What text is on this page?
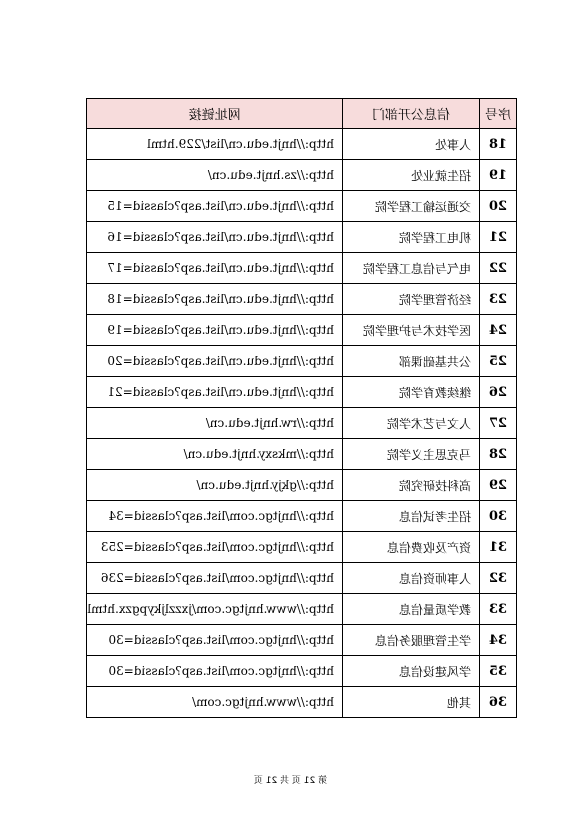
序号	信息公开部门	网址链接
18	人事处	http://hnjt.edu.cn/list/229.html
19	招生就业处	http://zs.hnjt.edu.cn/
20	交通运输工程学院	http://hnjt.edu.cn/list.asp?classid=15
21	机电工程学院	http://hnjt.edu.cn/list.asp?classid=16
22	电气与信息工程学院	http://hnjt.edu.cn/list.asp?classid=17
23	经济管理学院	http://hnjt.edu.cn/list.asp?classid=18
24	医学技术与护理学院	http://hnjt.edu.cn/list.asp?classid=19
25	公共基础课部	http://hnjt.edu.cn/list.asp?classid=20
26	继续教育学院	http://hnjt.edu.cn/list.asp?classid=21
27	人文与艺术学院	http://rw.hnjt.edu.cn/
28	马克思主义学院	http://mksxy.hnjt.edu.cn/
29	高科技研究院	http://gkjy.hnjt.edu.cn/
30	招生考试信息	http://hnjtgc.com/list.asp?classid=34
31	资产及收费信息	http://hnjtgc.com/list.asp?classid=253
32	人事师资信息	http://hnjtgc.com/list.asp?classid=236
33	教学质量信息	http://www.hnjtgc.com/jxzzljkypgzx.html
34	学生管理服务信息	http://hnjtgc.com/list.asp?classid=30
35	学风建设信息	http://hnjtgc.com/list.asp?classid=30
36	其他	http://www.hnjtgc.com/
第 21 页 共 21 页
